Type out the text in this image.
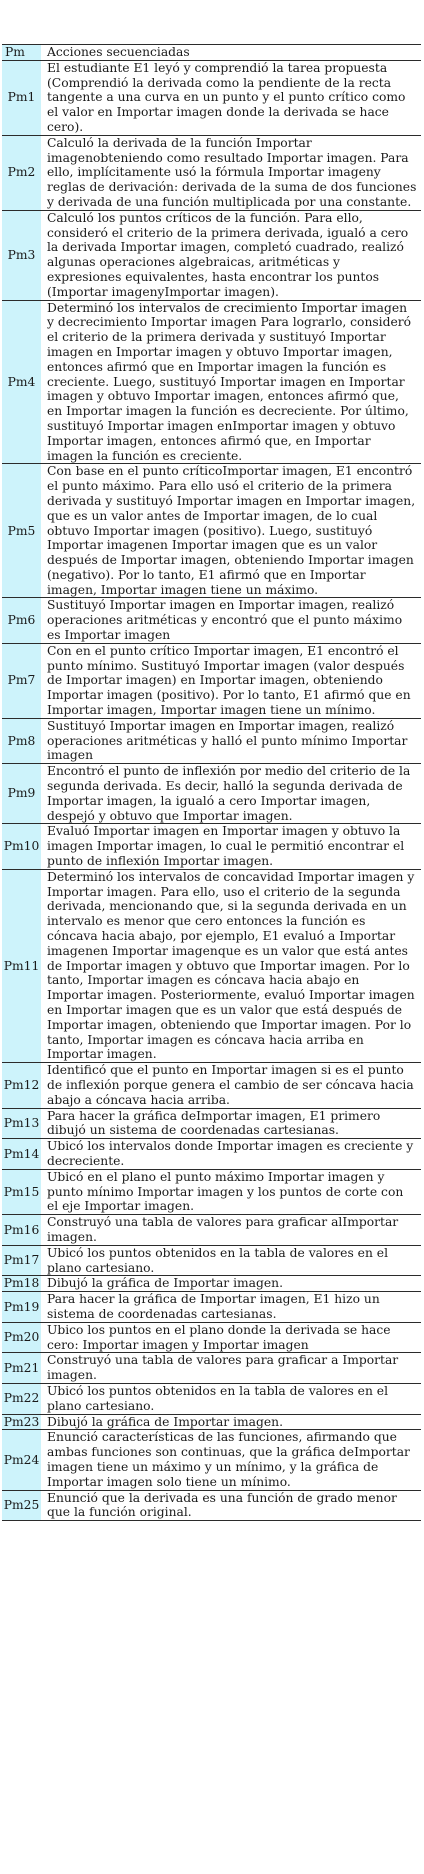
Pm	Acciones secuenciadas
Pm1
El estudiante E1 leyó y comprendió la tarea propuesta (Comprendió la derivada como la pendiente de la recta tangente a una curva en un punto y el punto crítico como el valor en Importar imagen donde la derivada se hace cero).
Pm2
Calculó la derivada de la función Importar imagenobteniendo como resultado Importar imagen. Para ello, implícitamente usó la fórmula Importar imageny reglas de derivación: derivada de la suma de dos funciones y derivada de una función multiplicada por una constante.
Pm3
Calculó los puntos críticos de la función. Para ello, consideró el criterio de la primera derivada, igualó a cero la derivada Importar imagen, completó cuadrado, realizó algunas operaciones algebraicas, aritméticas y expresiones equivalentes, hasta encontrar los puntos (Importar imagenyImportar imagen).
Pm4
Determinó los intervalos de crecimiento Importar imagen y decrecimiento Importar imagen Para lograrlo, consideró el criterio de la primera derivada y sustituyó Importar imagen en Importar imagen y obtuvo Importar imagen, entonces afirmó que en Importar imagen la función es creciente. Luego, sustituyó Importar imagen en Importar imagen y obtuvo Importar imagen, entonces afirmó que, en Importar imagen la función es decreciente. Por último, sustituyó Importar imagen enImportar imagen y obtuvo Importar imagen, entonces afirmó que, en Importar imagen la función es creciente.
Pm5
Con base en el punto críticoImportar imagen, E1 encontró el punto máximo. Para ello usó el criterio de la primera derivada y sustituyó Importar imagen en Importar imagen, que es un valor antes de Importar imagen, de lo cual obtuvo Importar imagen (positivo). Luego, sustituyó Importar imagenen Importar imagen que es un valor después de Importar imagen, obteniendo Importar imagen (negativo). Por lo tanto, E1 afirmó que en Importar imagen, Importar imagen tiene un máximo.
Pm6
Sustituyó Importar imagen en Importar imagen, realizó operaciones aritméticas y encontró que el punto máximo es Importar imagen
Pm7
Con en el punto crítico Importar imagen, E1 encontró el punto mínimo. Sustituyó Importar imagen (valor después de Importar imagen) en Importar imagen, obteniendo Importar imagen (positivo). Por lo tanto, E1 afirmó que en Importar imagen, Importar imagen tiene un mínimo.
Pm8
Sustituyó Importar imagen en Importar imagen, realizó operaciones aritméticas y halló el punto mínimo Importar imagen
Pm9
Encontró el punto de inflexión por medio del criterio de la segunda derivada. Es decir, halló la segunda derivada de Importar imagen, la igualó a cero Importar imagen, despejó y obtuvo que Importar imagen.
Pm10
Evaluó Importar imagen en Importar imagen y obtuvo la imagen Importar imagen, lo cual le permitió encontrar el punto de inflexión Importar imagen.
Pm11
Determinó los intervalos de concavidad Importar imagen y Importar imagen. Para ello, uso el criterio de la segunda derivada, mencionando que, si la segunda derivada en un intervalo es menor que cero entonces la función es cóncava hacia abajo, por ejemplo, E1 evaluó a Importar imagenen Importar imagenque es un valor que está antes de Importar imagen y obtuvo que Importar imagen. Por lo tanto, Importar imagen es cóncava hacia abajo en Importar imagen. Posteriormente, evaluó Importar imagen en Importar imagen que es un valor que está después de Importar imagen, obteniendo que Importar imagen. Por lo tanto, Importar imagen es cóncava hacia arriba en Importar imagen.
Pm12
Identificó que el punto en Importar imagen si es el punto de inflexión porque genera el cambio de ser cóncava hacia abajo a cóncava hacia arriba.
Pm13
Para hacer la gráfica deImportar imagen, E1 primero dibujó un sistema de coordenadas cartesianas.
Pm14
Ubicó los intervalos donde Importar imagen es creciente y decreciente.
Pm15
Ubicó en el plano el punto máximo Importar imagen y punto mínimo Importar imagen y los puntos de corte con el eje Importar imagen.
Pm16
Construyó una tabla de valores para graficar alImportar imagen.
Pm17
Ubicó los puntos obtenidos en la tabla de valores en el plano cartesiano.
Pm18 Dibujó la gráfica de Importar imagen.
Pm19
Para hacer la gráfica de Importar imagen, E1 hizo un sistema de coordenadas cartesianas.
Pm20
Ubico los puntos en el plano donde la derivada se hace cero: Importar imagen y Importar imagen
Pm21
Construyó una tabla de valores para graficar a Importar imagen.
Pm22
Ubicó los puntos obtenidos en la tabla de valores en el plano cartesiano.
Pm23 Dibujó la gráfica de Importar imagen.
Pm24
Enunció características de las funciones, afirmando que ambas funciones son continuas, que la gráfica deImportar imagen tiene un máximo y un mínimo, y la gráfica de Importar imagen solo tiene un mínimo.
Pm25
Enunció que la derivada es una función de grado menor que la función original.
